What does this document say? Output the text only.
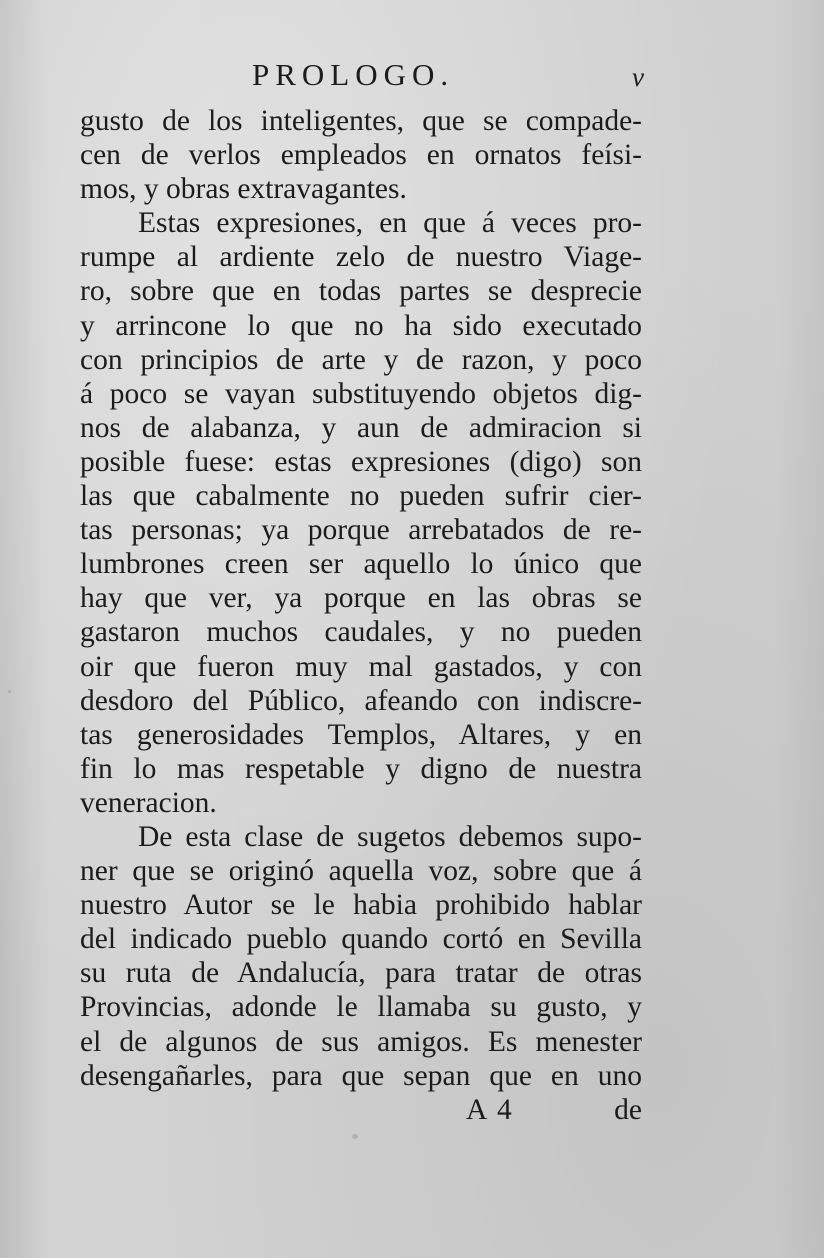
PROLOGO.	v
gusto de los inteligentes, que se compade-
cen de verlos empleados en ornatos feísi-
mos, y obras extravagantes.
Estas expresiones, en que á veces pro-
rumpe al ardiente zelo de nuestro Viage-
ro, sobre que en todas partes se desprecie
y arrincone lo que no ha sido executado
con principios de arte y de razon, y poco
á poco se vayan substituyendo objetos dig-
nos de alabanza, y aun de admiracion si
posible fuese: estas expresiones (digo) son
las que cabalmente no pueden sufrir cier-
tas personas; ya porque arrebatados de re-
lumbrones creen ser aquello lo único que
hay que ver, ya porque en las obras se
gastaron muchos caudales, y no pueden
oir que fueron muy mal gastados, y con
desdoro del Público, afeando con indiscre-
tas generosidades Templos, Altares, y en
fin lo mas respetable y digno de nuestra
veneracion.
De esta clase de sugetos debemos supo-
ner que se originó aquella voz, sobre que á
nuestro Autor se le habia prohibido hablar
del indicado pueblo quando cortó en Sevilla
su ruta de Andalucía, para tratar de otras
Provincias, adonde le llamaba su gusto, y
el de algunos de sus amigos. Es menester
desengañarles, para que sepan que en uno
A 4	de
